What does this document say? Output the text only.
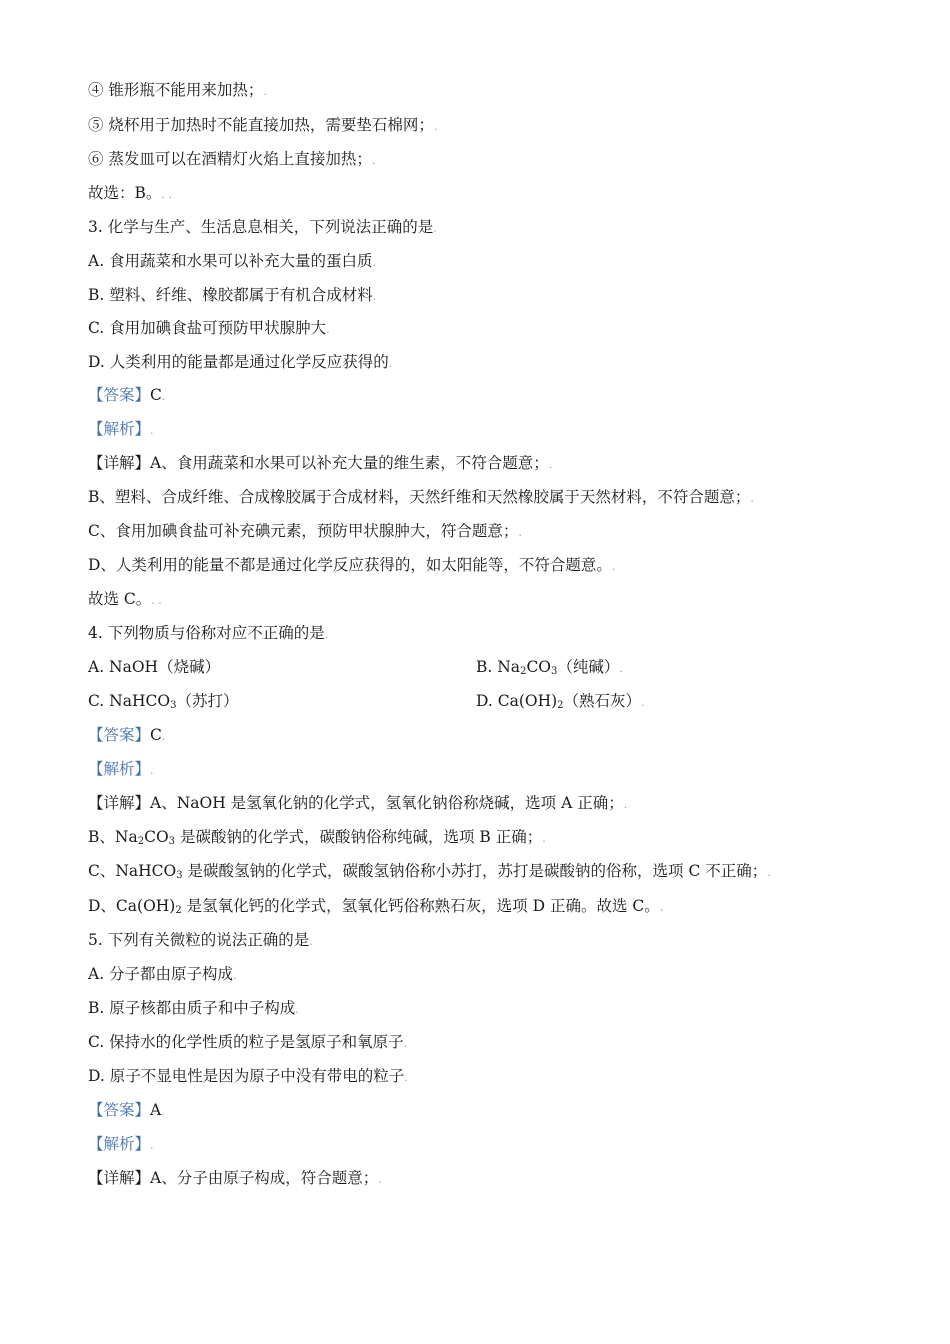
④ 锥形瓶不能用来加热；.
⑤ 烧杯用于加热时不能直接加热，需要垫石棉网；.
⑥ 蒸发皿可以在酒精灯火焰上直接加热；.
故选：B。. .
3. 化学与生产、生活息息相关，下列说法正确的是.
A. 食用蔬菜和水果可以补充大量的蛋白质.
B. 塑料、纤维、橡胶都属于有机合成材料.
C. 食用加碘食盐可预防甲状腺肿大.
D. 人类利用的能量都是通过化学反应获得的.
【答案】C.
【解析】.
【详解】A、食用蔬菜和水果可以补充大量的维生素，不符合题意；.
B、塑料、合成纤维、合成橡胶属于合成材料，天然纤维和天然橡胶属于天然材料，不符合题意；.
C、食用加碘食盐可补充碘元素，预防甲状腺肿大，符合题意；.
D、人类利用的能量不都是通过化学反应获得的，如太阳能等，不符合题意。.
故选 C。. .
4. 下列物质与俗称对应不正确的是.
A. NaOH（烧碱）	B. $Na_2CO_3$（纯碱）.
C. NaHCO$_3$（苏打）	D. $Ca(OH)_2$（熟石灰）.
【答案】C.
【解析】.
【详解】A、NaOH 是氢氧化钠的化学式，氢氧化钠俗称烧碱，选项 A 正确；.
B、$Na_2CO_3$ 是碳酸钠的化学式，碳酸钠俗称纯碱，选项 B 正确；.
C、NaHCO$_3$ 是碳酸氢钠的化学式，碳酸氢钠俗称小苏打，苏打是碳酸钠的俗称，选项 C 不正确；.
D、$Ca(OH)_2$ 是氢氧化钙的化学式，氢氧化钙俗称熟石灰，选项 D 正确。故选 C。.
5. 下列有关微粒的说法正确的是.
A. 分子都由原子构成.
B. 原子核都由质子和中子构成.
C. 保持水的化学性质的粒子是氢原子和氧原子.
D. 原子不显电性是因为原子中没有带电的粒子.
【答案】A.
【解析】.
【详解】A、分子由原子构成，符合题意；.
